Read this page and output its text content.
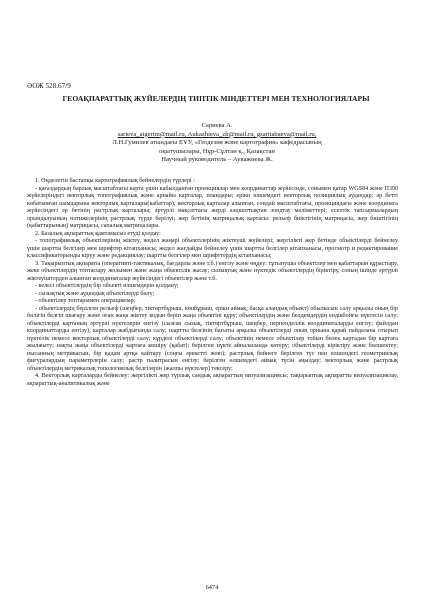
ӘОЖ 528.67/9
ГЕОАҚПАРАТТЫҚ ЖҮЙЕЛЕРДІҢ ТИПТІК МІНДЕТТЕРІ МЕН ТЕХНОЛОГИЯЛАРЫ
Сариева А.
sarieva_aigerim@mail.ru, Aukazhieva_zh@mail.ru, gsaritabaeva@mail.ru,
Л.Н.Гумилев атындағы ЕҰУ, «Геодезия және картография» кафедрасының
оқытушылары, Нұр-Сұлтан қ., Қазақстан
Научный руководитель – Аукажиева Ж.

1. Өңделетін бастапқы картографиялық бейнелердің түрлері :

- қағаздардың барлық масштабтағы карта үшін кабылданған проекциялар мен координаттар жүйесінде, сонымен қатар WGS84 және П390 жүйелеріндегі векторлық топографиялық және арнайы карталар, пландары; ерікн өлшемдегі векторлық позициялық аудандар; әр бетті көбатынған шамдарына векторлық карталары(кабаттар); векторлық карталар алынған, сондай масштабтағы, проекциядағы және координата жүйесіндегі әр бетінің растрлық карталары; әртүрлі мақсаттағы жерді аэцшаттықтан зондтау мәліметтері; есептік тапсырмалардың орындалуының нәтижелерінің растрлық түрде берілуі; жер бетінің матрицалық картасы: рельеф биіктігінің матрицасы, жер биіктігінің (қабаттарының) матрицасы, сапалық матрицалары.

2. Базалық ақпараттық қамтамасыз етуді қолдау:

- топографиялық объектілерінің жіктеу, жедел жаңарі объектілерінің жіктеуші жүйелері; жергілікті жер бетінде объектілерді бейнелеу үшін шартты белгілер мен шрифтер кітапханасы, жедел жағдайды бейнелеу үшін шартты белгілер кітапханасы, просмотр и редактирование классификаторынды кіруу және редакциялау; шартты белгілер мен шрифттердің кітапханасы;

3. Тақырыптық ақпараты (оперативті-тактикалық, бағдарлы және т.б.) енгізу және өңдеу: тұтынушы объектілер мен қабаттарын құрастыру, жеке объектілердің топтасыру жолымен және жаңа объектілік жасау; сызықтық және нүктедік объектілердің біріктіру, соның ішінде әртүрлі жіктеуіштерден алынған координаталар жүйесіндегі объектілер және т.б.

- келесі объектілердің бір объекті өлшемдерін қолдану;

- сызықтық және аудандық объектілерді бөлу;

- объектілер топтарымен операциялар;

- объектілердің берілген рельеф (шеңбер, тіктөртбұрыш, көпбұрыш, ерікн аймақ, басқа аландық объект) обылысын салу арқылы оның бір бөлігін белгіп шығару және оған жаңа жіктеу кодын беріп жаңа объектіні құру; объектілердің және белдемдердің ендікбойғы нүктесін салу; объектілерді картаның әртүрлі нүктелерін енгізу (сызған сызық, тіктөртбұрыш, шеңбер, перпенделлік координаталарды енгізу; файлдан координаттарды енгізу), карталар жабдығында салу; шартты белгінің бағыты арқылы объектілерді оның орнына қарай пайдалана отырып нүктелік немесе векторлық объектілерді салу; кұрделі объектілерді салу; объектінің немесе объектілер тобын бөлек картадан бір картаға жылжыту; нақты жаңа объектілерді картаға көшіру (қабат); берілген нүкте айналасында көтеру; объектілерді кіріктіру және бөлшектеу; нысанның метрикасын, бір қадам артқа кайтару (соңғы әрекетті жою); растрлық бейнеге берілген түс пен өлшемдегі геометриялық фигуралардың параметрлерін салу; растр палитрасын енгізу; берілген өлшемдегі аймақ түсін аңыздау; векторлық және растрлық объектілердің метрикалық топологиялық белгілерін (жалпы нүктелер) тексеру;

4. Векторлық карталарды бейнелеу: жергілікті жер түрлық сандық ақпараттың визуализациясы; тақырыптық ақпаратты визуализациялау, ақпараттық-аналитикалық және

6474
